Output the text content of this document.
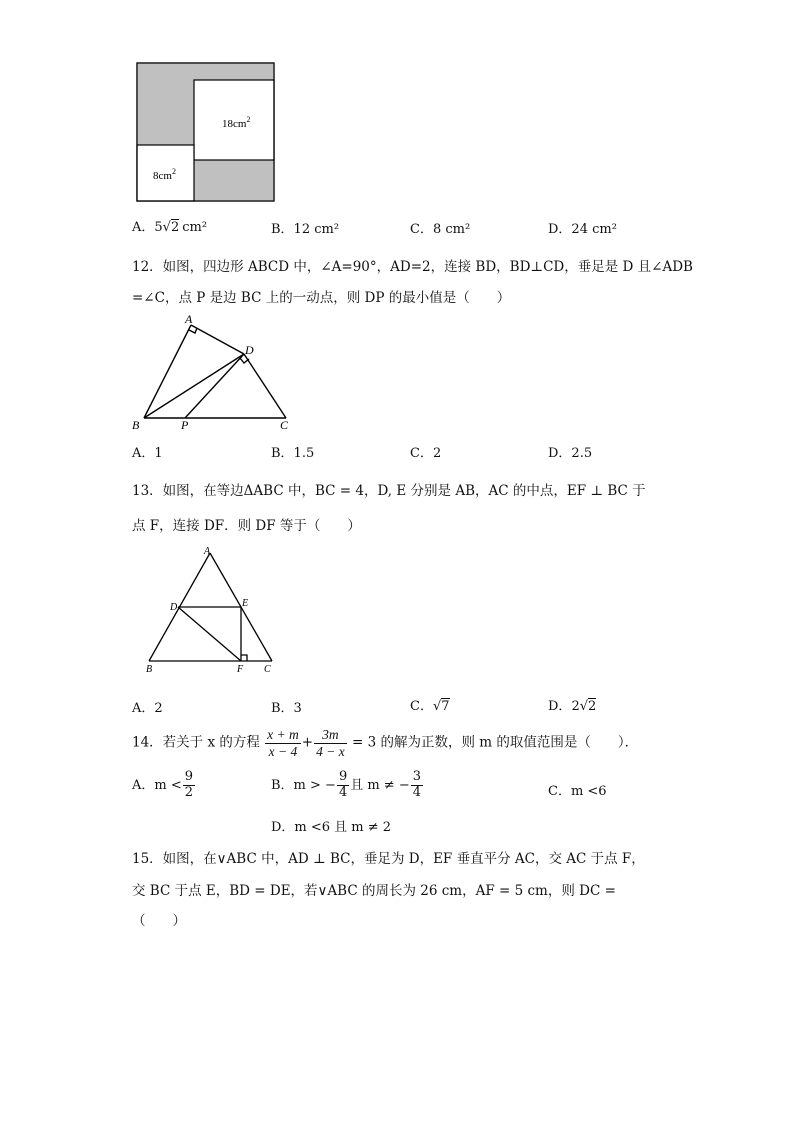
$18cm^2$
$8cm^2$
A．5√2 cm²	B．12 cm²	C．8 cm²	D．24 cm²
12．如图，四边形 ABCD 中，∠A=90°，AD=2，连接 BD，BD⊥CD，垂足是 D 且∠ADB
=∠C，点 P 是边 BC 上的一动点，则 DP 的最小值是（　　）
A
D
B	P	C
A．1	B．1.5	C．2	D．2.5
13．如图，在等边ΔABC 中，BC = 4，D, E 分别是 AB，AC 的中点，EF ⊥ BC 于
点 F，连接 DF．则 DF 等于（　　）
A
D	E
B	F C
A．2	B．3	C．√7	D．2√2
14．若关于 x 的方程 $\frac{x + m}{x - 4} + \frac{3m}{4 - x} = 3$ 的解为正数，则 m 的取值范围是（　　）．
A．$m < \frac{9}{2}$	B．m > − $\frac{9}{4}$ 且 m ≠ − $\frac{3}{4}$	C．m <6
D．m <6 且 m ≠ 2
15．如图，在∨ABC 中，AD ⊥ BC，垂足为 D，EF 垂直平分 AC，交 AC 于点 F，
交 BC 于点 E，BD = DE，若∨ABC 的周长为 26 cm，AF = 5 cm，则 DC =
（　　）
